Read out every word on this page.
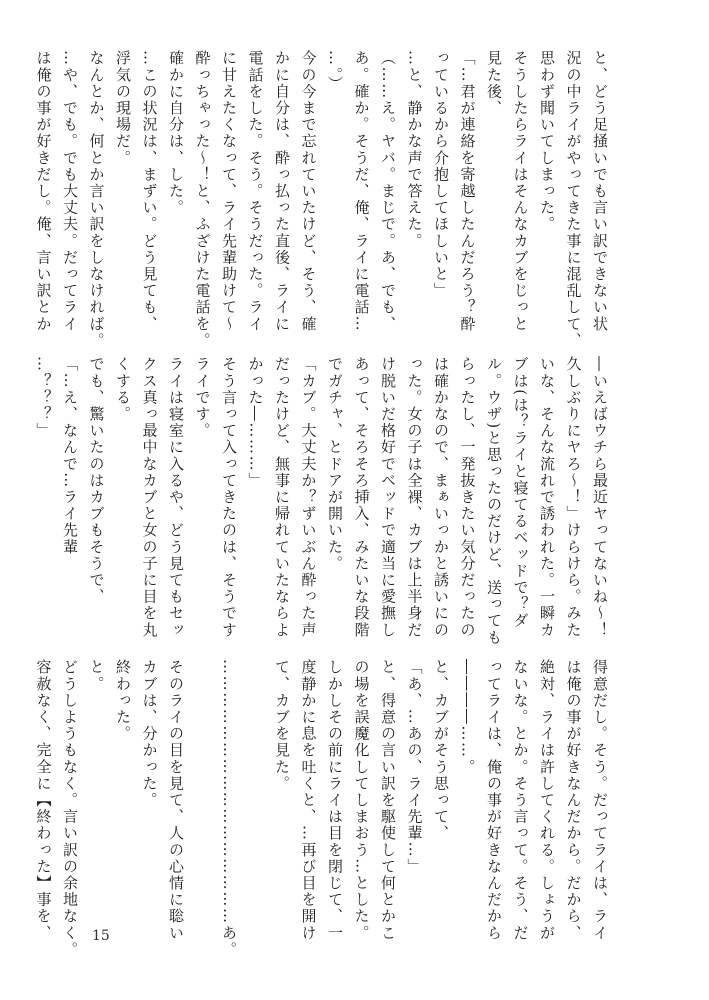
と、どう足掻いでも言い訳できない状

況の中ライがやってきた事に混乱して、

思わず聞いてしまった。

そうしたらライはそんなカブをじっと

見た後、

「…君が連絡を寄越したんだろう？酔

っているから介抱してほしいと」

…と、静かな声で答えた。

（……え。ヤバ。まじで。あ、でも、

あ。確か。そうだ、俺、ライに電話…

…。）

今の今まで忘れていたけど、そう、確

かに自分は、酔っ払った直後、ライに

電話をした。そう。そうだった。ライ

に甘えたくなって、ライ先輩助けて～

酔っちゃった～！と、ふざけた電話を。

確かに自分は、した。

…この状況は、まずい。どう見ても、

浮気の現場だ。

なんとか、何とか言い訳をしなければ。

…や、でも。でも大丈夫。だってライ

は俺の事が好きだし。俺、言い訳とか

―いえばウチら最近ヤってないね～！

久しぶりにヤろ～！」けらけら。みた

いな、そんな流れで誘われた。一瞬カ

ブは(は？ライと寝てるベッドで？ダ

ル。ウザ)と思ったのだけど、送っても

らったし、一発抜きたい気分だったの

は確かなので、まぁいっかと誘いにの

った。女の子は全裸、カブは上半身だ

け脱いだ格好でベッドで適当に愛撫し

あって、そろそろ挿入、みたいな段階

でガチャ、とドアが開いた。

「カブ。大丈夫か？ずいぶん酔った声

だったけど、無事に帰れていたならよ

かった―………」

そう言って入ってきたのは、そうです

ライです。

ライは寝室に入るや、どう見てもセッ

クス真っ最中なカブと女の子に目を丸

くする。

でも、驚いたのはカブもそうで、

「…え、なんで…ライ先輩

…？？？」

得意だし。そう。だってライは、ライ

は俺の事が好きなんだから。だから、

絶対、ライは許してくれる。しょうが

ないな。とか。そう言って。そう、だ

ってライは、俺の事が好きなんだから

――――……。

と、カブがそう思って、

「あ、…あの、ライ先輩…」

と、得意の言い訳を駆使して何とかこ

の場を誤魔化してしまおう…とした。

しかしその前にライは目を閉じて、一

度静かに息を吐くと、…再び目を開け

て、カブを見た。

…………………………………………あ。

そのライの目を見て、人の心情に聡い

カブは、分かった。

終わった。

と。

どうしようもなく。言い訳の余地なく。

容赦なく、完全に【終わった】事を、	15
